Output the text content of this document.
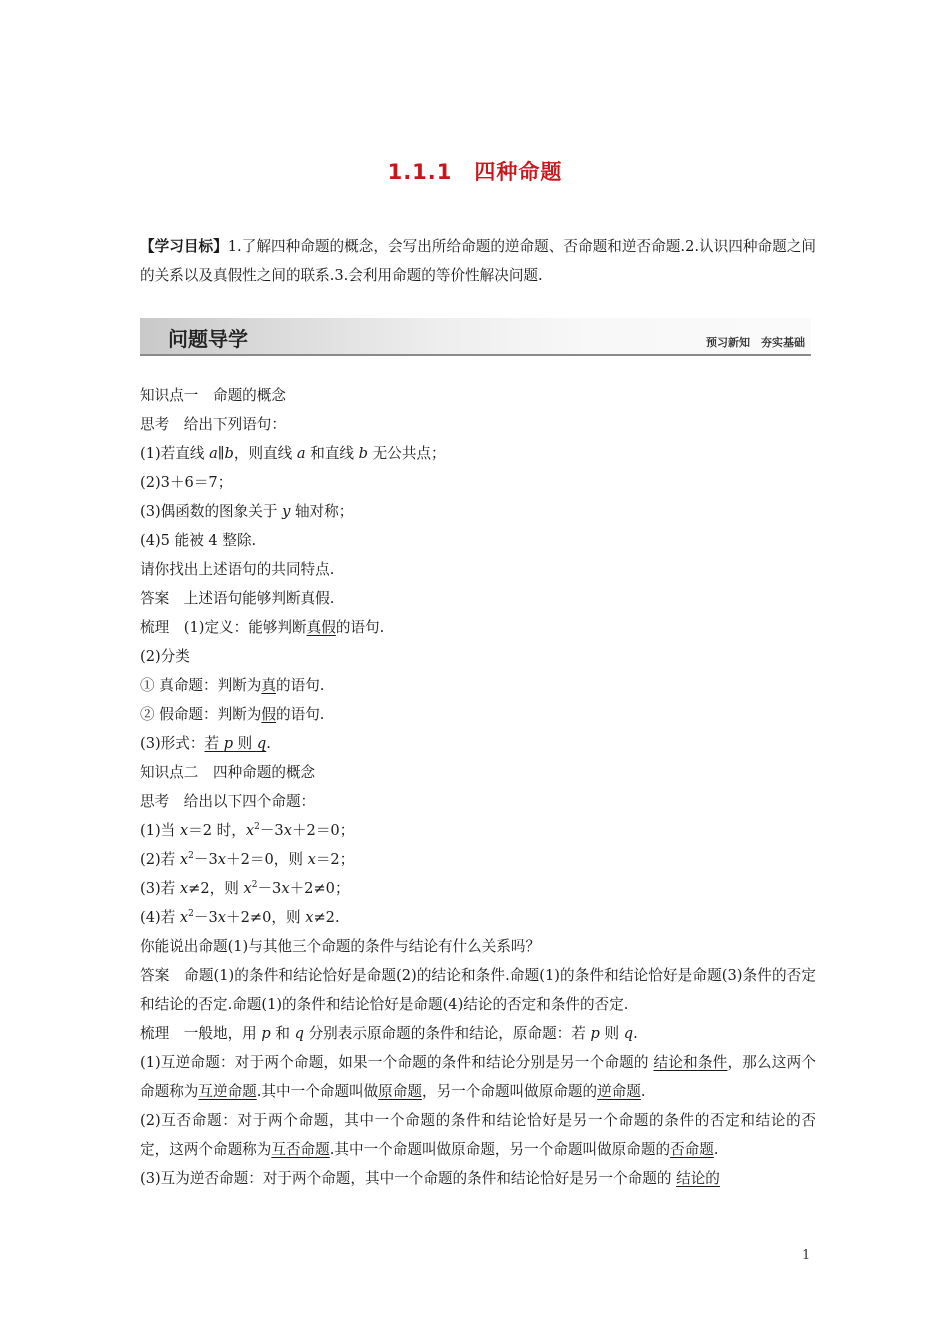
1.1.1　四种命题
【学习目标】1.了解四种命题的概念，会写出所给命题的逆命题、否命题和逆否命题.2.认识四种命题之间的关系以及真假性之间的联系.3.会利用命题的等价性解决问题.
问题导学	预习新知　夯实基础

知识点一　命题的概念

思考　给出下列语句：

(1)若直线 a∥b，则直线 a 和直线 b 无公共点；

(2)3＋6＝7；

(3)偶函数的图象关于 y 轴对称；

(4)5 能被 4 整除.

请你找出上述语句的共同特点.

答案　上述语句能够判断真假.

梳理　(1)定义：能够判断真假的语句.

(2)分类

① 真命题：判断为真的语句.

② 假命题：判断为假的语句.

(3)形式：若 p 则 q.

知识点二　四种命题的概念

思考　给出以下四个命题：

(1)当 x＝2 时，$x^2-3x+2=0$；

(2)若 $x^2-3x+2=0$，则 x＝2；

(3)若 x≠2，则 $x^2-3x+2\ne 0$；

(4)若 $x^2-3x+2\ne 0$，则 x≠2.

你能说出命题(1)与其他三个命题的条件与结论有什么关系吗？

答案　命题(1)的条件和结论恰好是命题(2)的结论和条件.命题(1)的条件和结论恰好是命题(3)条件的否定和结论的否定.命题(1)的条件和结论恰好是命题(4)结论的否定和条件的否定.

梳理　一般地，用 p 和 q 分别表示原命题的条件和结论，原命题：若 p 则 q.

(1)互逆命题：对于两个命题，如果一个命题的条件和结论分别是另一个命题的 结论和条件，那么这两个命题称为互逆命题.其中一个命题叫做原命题，另一个命题叫做原命题的逆命题.

(2)互否命题：对于两个命题，其中一个命题的条件和结论恰好是另一个命题的条件的否定和结论的否定，这两个命题称为互否命题.其中一个命题叫做原命题，另一个命题叫做原命题的否命题.

(3)互为逆否命题：对于两个命题，其中一个命题的条件和结论恰好是另一个命题的 结论的

1
